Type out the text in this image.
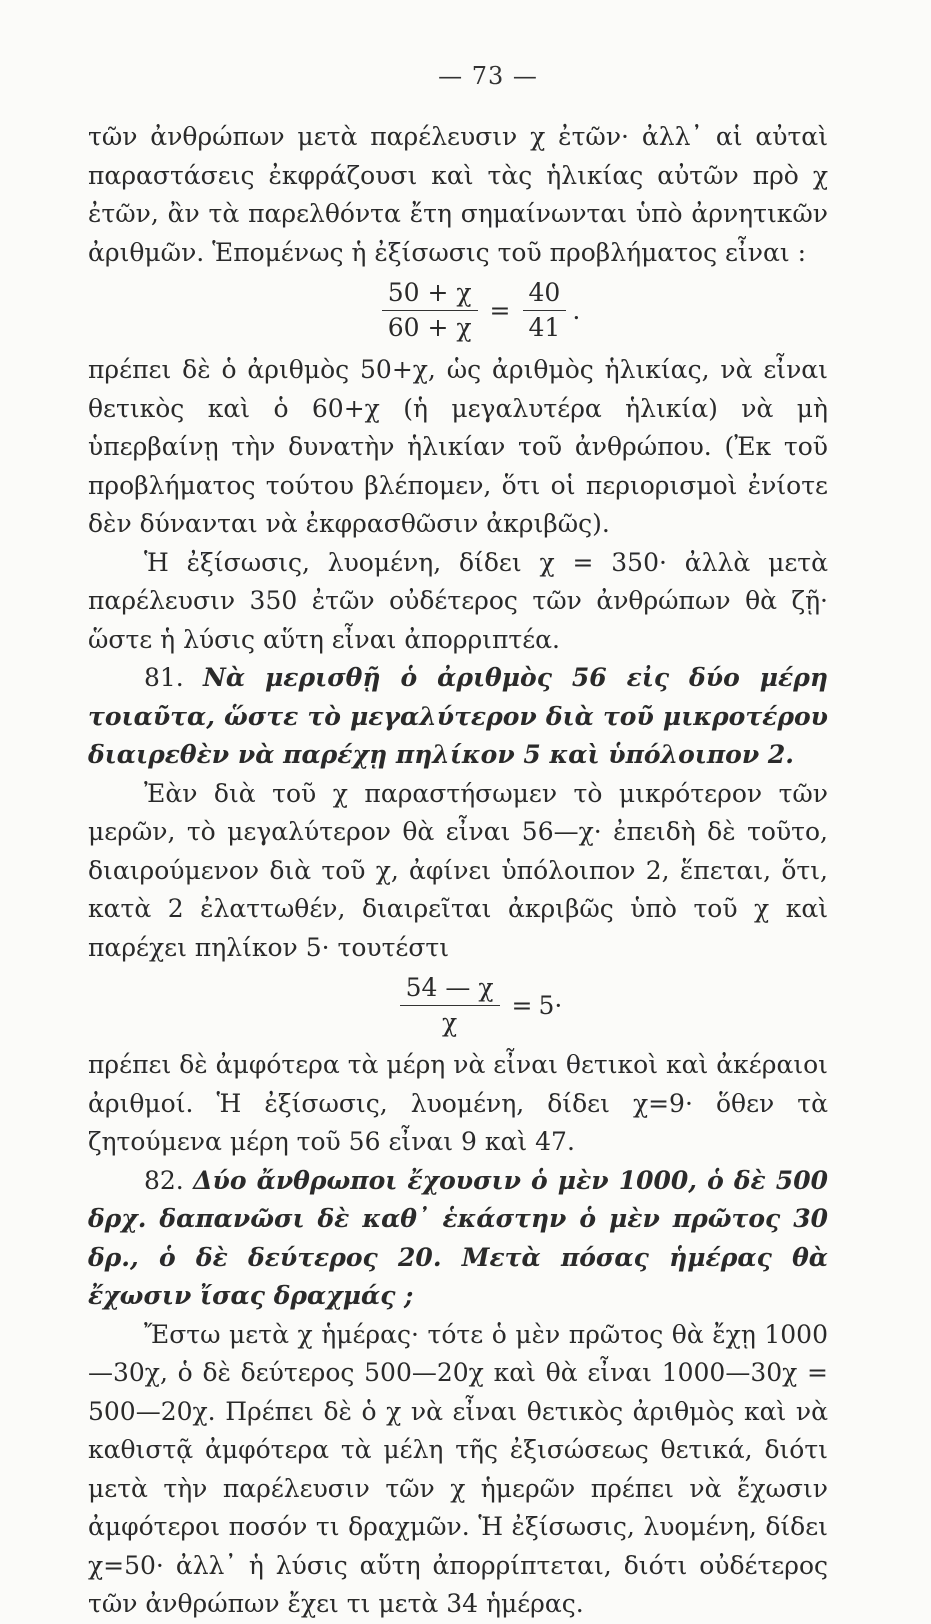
— 73 —

τῶν ἀνθρώπων μετὰ παρέλευσιν χ ἐτῶν· ἀλλ᾽ αἱ αὐταὶ παραστάσεις ἐκφράζουσι καὶ τὰς ἡλικίας αὐτῶν πρὸ χ ἐτῶν, ἂν τὰ παρελθόντα ἔτη σημαίνωνται ὑπὸ ἀρνητικῶν ἀριθμῶν. Ἑπομένως ἡ ἐξίσωσις τοῦ προβλήματος εἶναι :

$\frac{50 + \chi}{60 + \chi} = \frac{40}{41}$ .

πρέπει δὲ ὁ ἀριθμὸς 50+χ, ὡς ἀριθμὸς ἡλικίας, νὰ εἶναι θετικὸς καὶ ὁ 60+χ (ἡ μεγαλυτέρα ἡλικία) νὰ μὴ ὑπερβαίνῃ τὴν δυνατὴν ἡλικίαν τοῦ ἀνθρώπου. (Ἐκ τοῦ προβλήματος τούτου βλέπομεν, ὅτι οἱ περιορισμοὶ ἐνίοτε δὲν δύνανται νὰ ἐκφρασθῶσιν ἀκριβῶς).

Ἡ ἐξίσωσις, λυομένη, δίδει χ = 350· ἀλλὰ μετὰ παρέλευσιν 350 ἐτῶν οὐδέτερος τῶν ἀνθρώπων θὰ ζῇ· ὥστε ἡ λύσις αὕτη εἶναι ἀπορριπτέα.

81. Νὰ μερισθῇ ὁ ἀριθμὸς 56 εἰς δύο μέρη τοιαῦτα, ὥστε τὸ μεγαλύτερον διὰ τοῦ μικροτέρου διαιρεθὲν νὰ παρέχῃ πηλίκον 5 καὶ ὑπόλοιπον 2.

Ἐὰν διὰ τοῦ χ παραστήσωμεν τὸ μικρότερον τῶν μερῶν, τὸ μεγαλύτερον θὰ εἶναι 56—χ· ἐπειδὴ δὲ τοῦτο, διαιρούμενον διὰ τοῦ χ, ἀφίνει ὑπόλοιπον 2, ἕπεται, ὅτι, κατὰ 2 ἐλαττωθέν, διαιρεῖται ἀκριβῶς ὑπὸ τοῦ χ καὶ παρέχει πηλίκον 5· τουτέστι

$\frac{54 — \chi}{\chi} = 5\cdot$

πρέπει δὲ ἀμφότερα τὰ μέρη νὰ εἶναι θετικοὶ καὶ ἀκέραιοι ἀριθμοί. Ἡ ἐξίσωσις, λυομένη, δίδει χ=9· ὅθεν τὰ ζητούμενα μέρη τοῦ 56 εἶναι 9 καὶ 47.

82. Δύο ἄνθρωποι ἔχουσιν ὁ μὲν 1000, ὁ δὲ 500 δρχ. δαπανῶσι δὲ καθ᾽ ἑκάστην ὁ μὲν πρῶτος 30 δρ., ὁ δὲ δεύτερος 20. Μετὰ πόσας ἡμέρας θὰ ἔχωσιν ἴσας δραχμάς ;

Ἔστω μετὰ χ ἡμέρας· τότε ὁ μὲν πρῶτος θὰ ἔχῃ 1000—30χ, ὁ δὲ δεύτερος 500—20χ καὶ θὰ εἶναι 1000—30χ = 500—20χ. Πρέπει δὲ ὁ χ νὰ εἶναι θετικὸς ἀριθμὸς καὶ νὰ καθιστᾷ ἀμφότερα τὰ μέλη τῆς ἐξισώσεως θετικά, διότι μετὰ τὴν παρέλευσιν τῶν χ ἡμερῶν πρέπει νὰ ἔχωσιν ἀμφότεροι ποσόν τι δραχμῶν. Ἡ ἐξίσωσις, λυομένη, δίδει χ=50· ἀλλ᾽ ἡ λύσις αὕτη ἀπορρίπτεται, διότι οὐδέτερος τῶν ἀνθρώπων ἔχει τι μετὰ 34 ἡμέρας.
